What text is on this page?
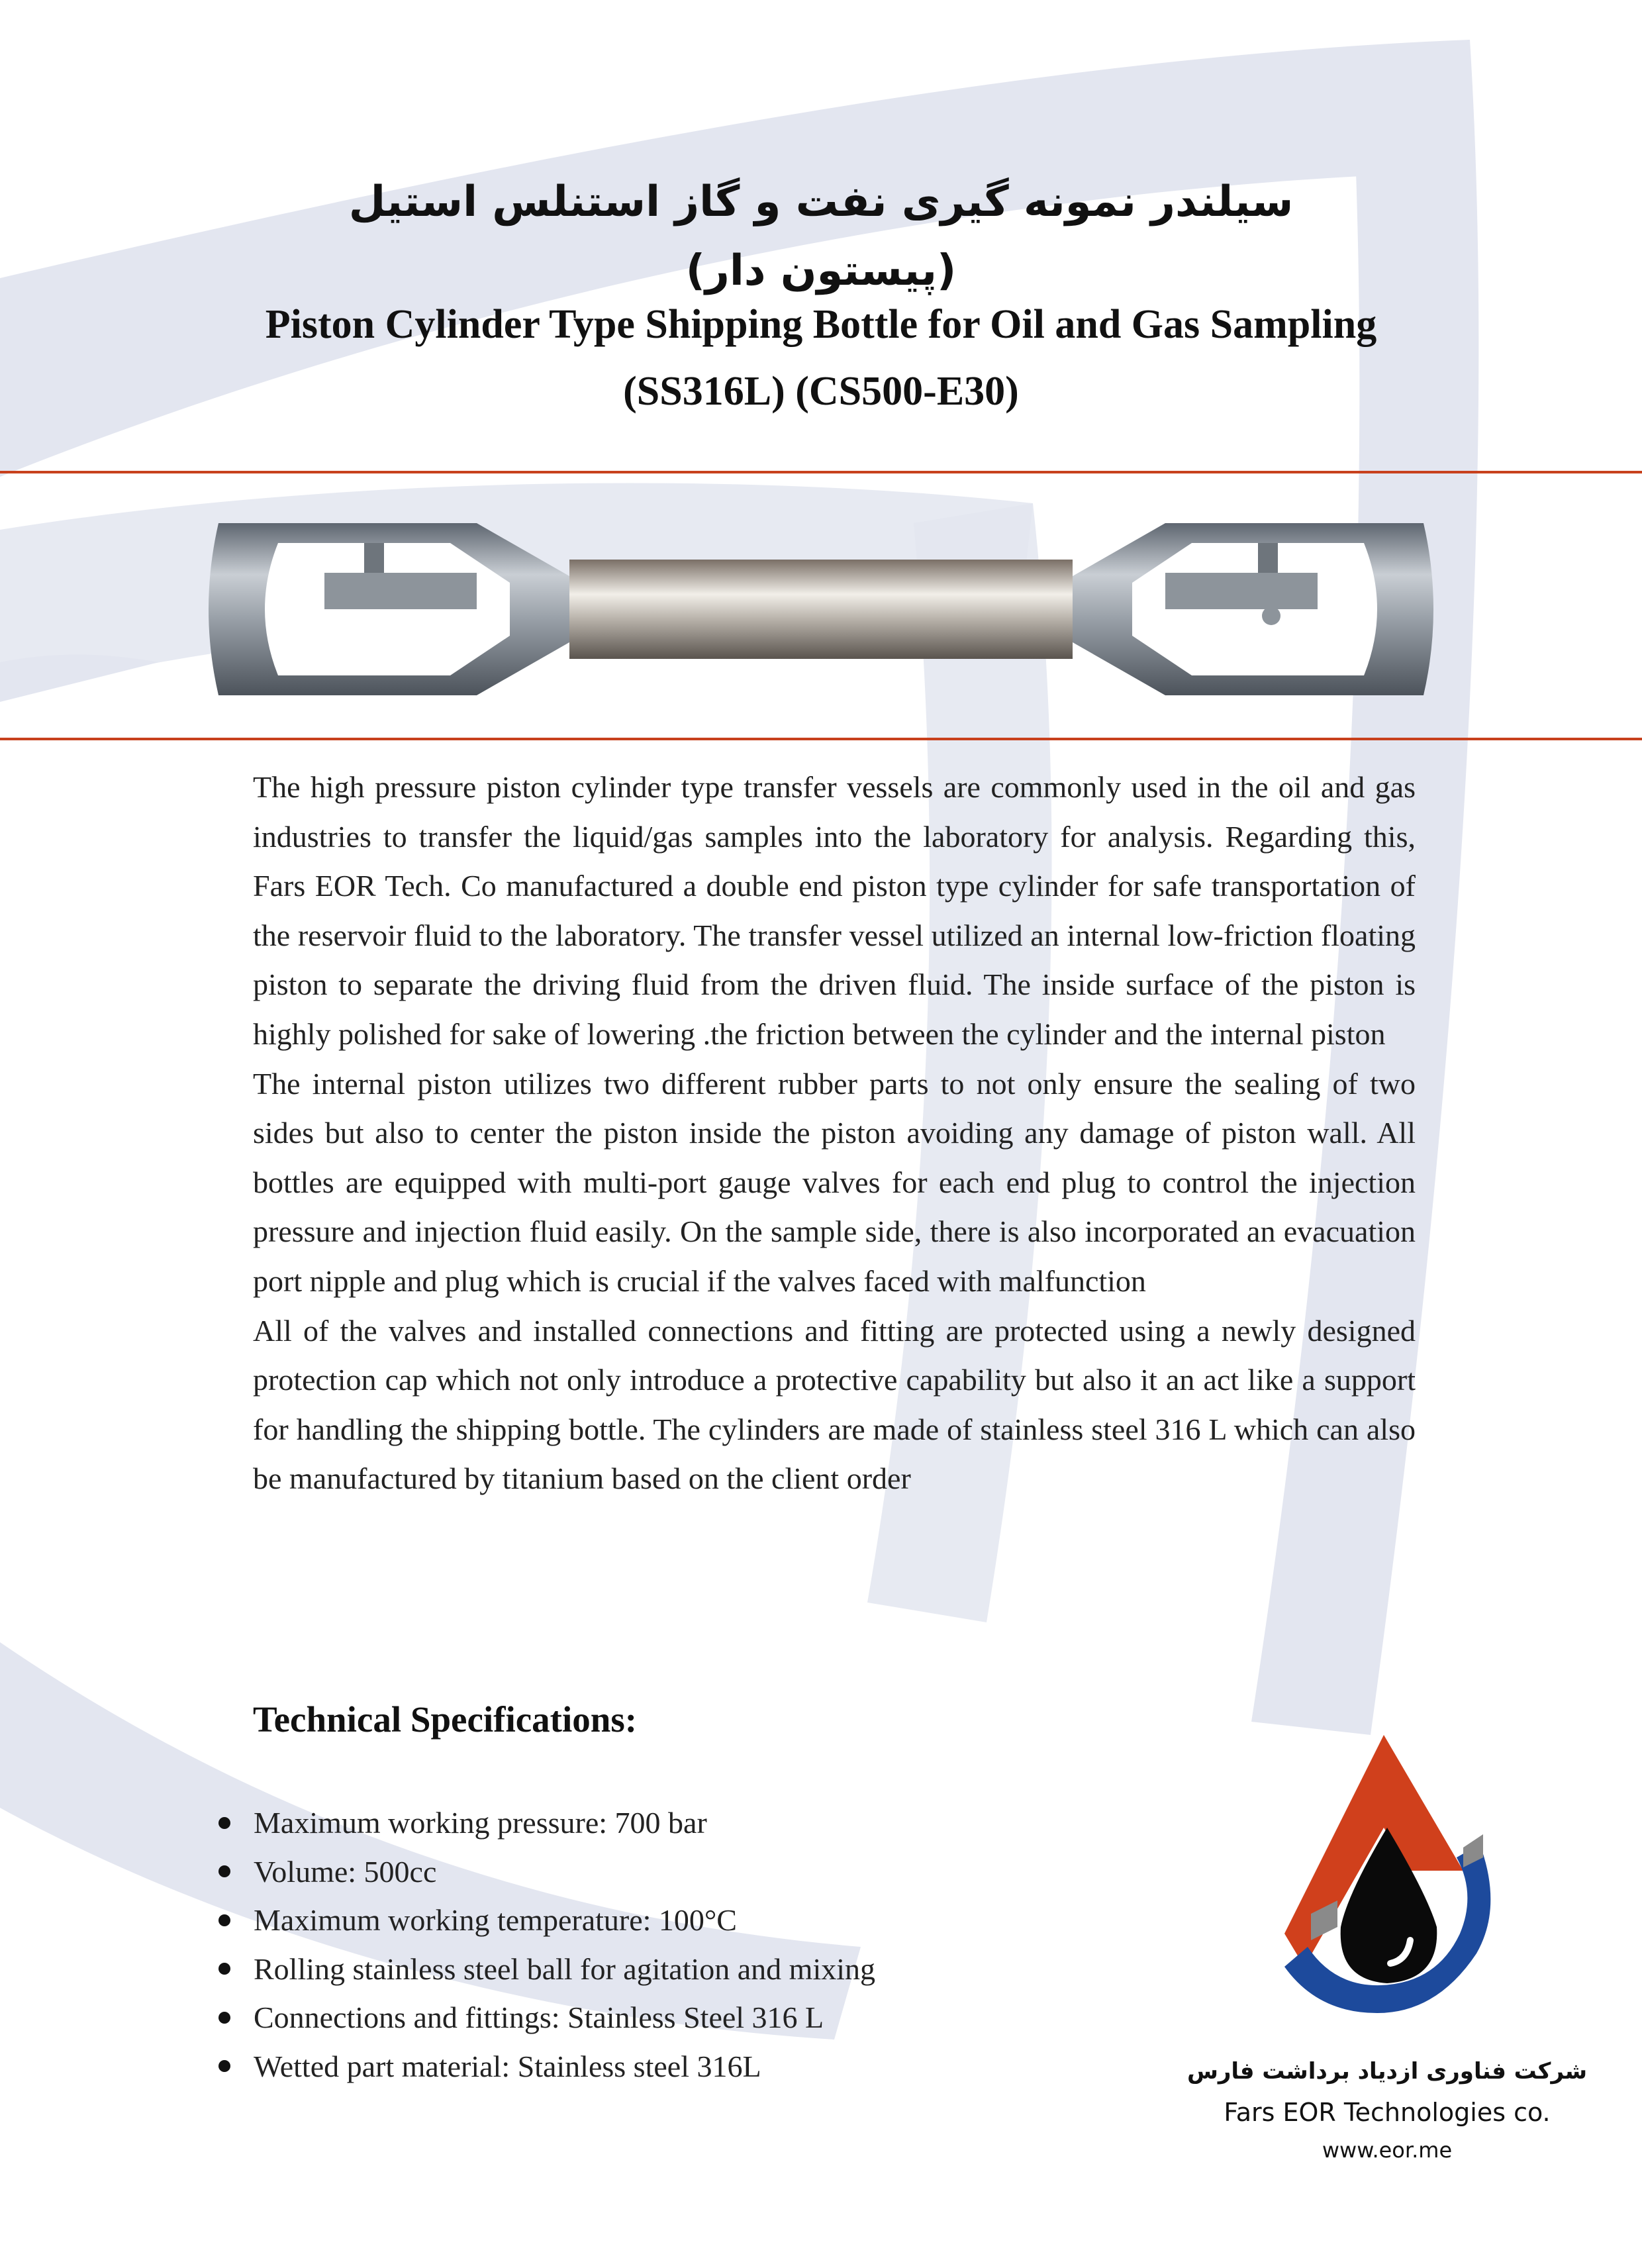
سیلندر نمونه گیری نفت و گاز استنلس استیل
(پیستون دار)
Piston Cylinder Type Shipping Bottle for Oil and Gas Sampling
(SS316L) (CS500-E30)

The high pressure piston cylinder type transfer vessels are commonly used in the oil and gas industries to transfer the liquid/gas samples into the laboratory for analysis. Regarding this, Fars EOR Tech. Co manufactured a double end piston type cylinder for safe transportation of the reservoir fluid to the laboratory. The transfer vessel utilized an internal low-friction floating piston to separate the driving fluid from the driven fluid. The inside surface of the piston is highly polished for sake of lowering .the friction between the cylinder and the internal piston

The internal piston utilizes two different rubber parts to not only ensure the sealing of two sides but also to center the piston inside the piston avoiding any damage of piston wall. All bottles are equipped with multi-port gauge valves for each end plug to control the injection pressure and injection fluid easily. On the sample side, there is also incorporated an evacuation port nipple and plug which is crucial if the valves faced with malfunction

All of the valves and installed connections and fitting are protected using a newly designed protection cap which not only introduce a protective capability but also it an act like a support for handling the shipping bottle. The cylinders are made of stainless steel 316 L which can also be manufactured by titanium based on the client order

Technical Specifications:
Maximum working pressure: 700 bar
Volume: 500cc
Maximum working temperature: 100°C
Rolling stainless steel ball for agitation and mixing
Connections and fittings: Stainless Steel 316 L
Wetted part material: Stainless steel 316L	شرکت فناوری ازدیاد برداشت فارس
Fars EOR Technologies co.
www.eor.me
